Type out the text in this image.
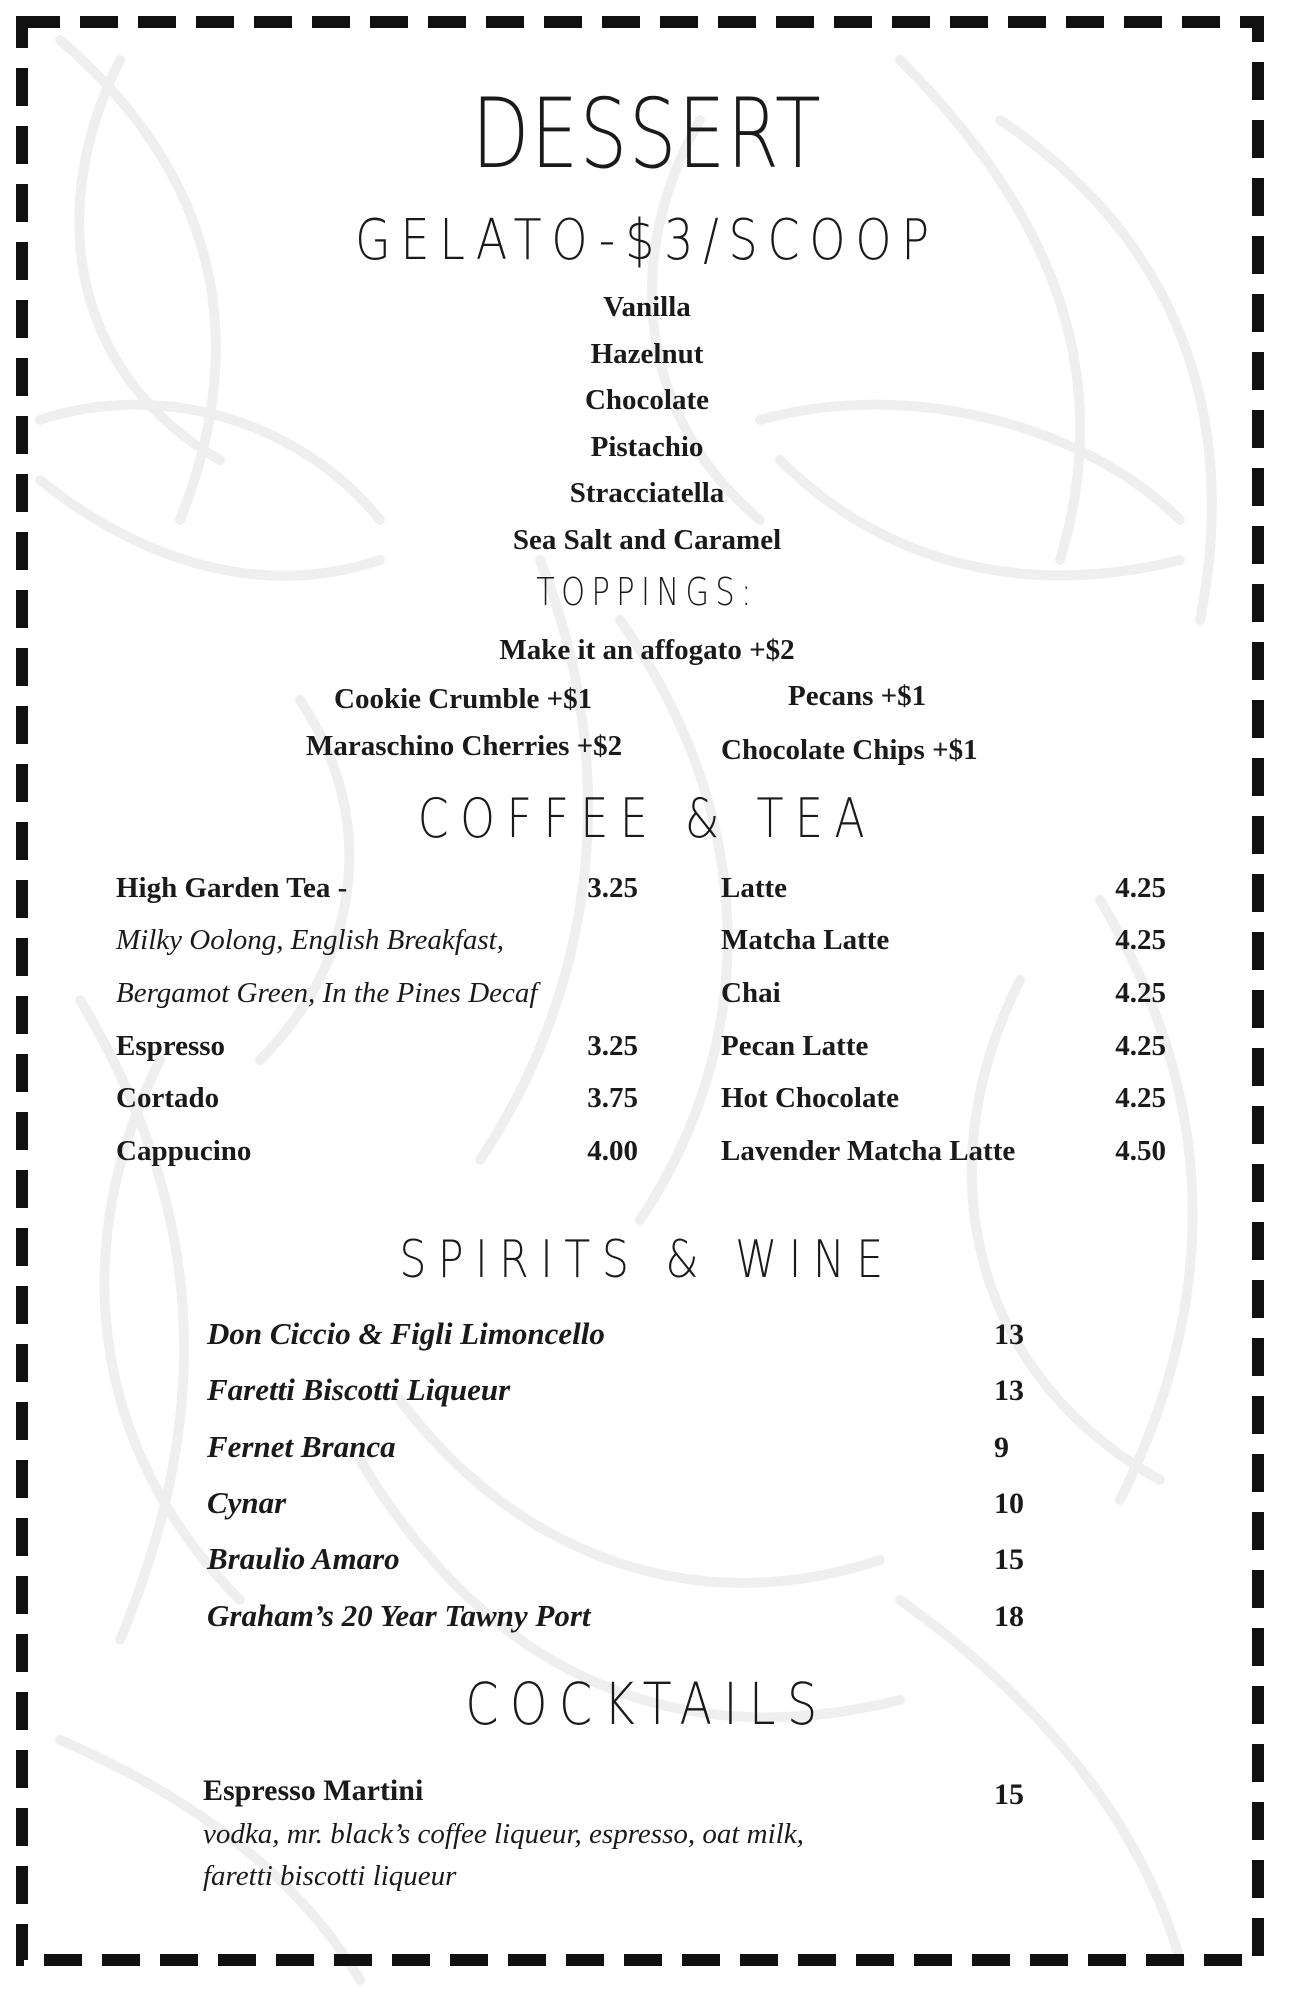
DESSERT
GELATO-$3/SCOOP
Vanilla
Hazelnut
Chocolate
Pistachio
Stracciatella
Sea Salt and Caramel
TOPPINGS:
Make it an affogato +$2
Cookie Crumble +$1	Pecans +$1
Maraschino Cherries +$2	Chocolate Chips +$1
COFFEE & TEA
High Garden Tea -	3.25
Milky Oolong, English Breakfast,
Bergamot Green, In the Pines Decaf
Espresso	3.25
Cortado	3.75
Cappucino	4.00
Latte	4.25
Matcha Latte	4.25
Chai	4.25
Pecan Latte	4.25
Hot Chocolate	4.25
Lavender Matcha Latte	4.50
SPIRITS & WINE
Don Ciccio & Figli Limoncello	13
Faretti Biscotti Liqueur	13
Fernet Branca	9
Cynar	10
Braulio Amaro	15
Graham’s 20 Year Tawny Port	18
COCKTAILS
Espresso Martini	15
vodka, mr. black’s coffee liqueur, espresso, oat milk,
faretti biscotti liqueur
